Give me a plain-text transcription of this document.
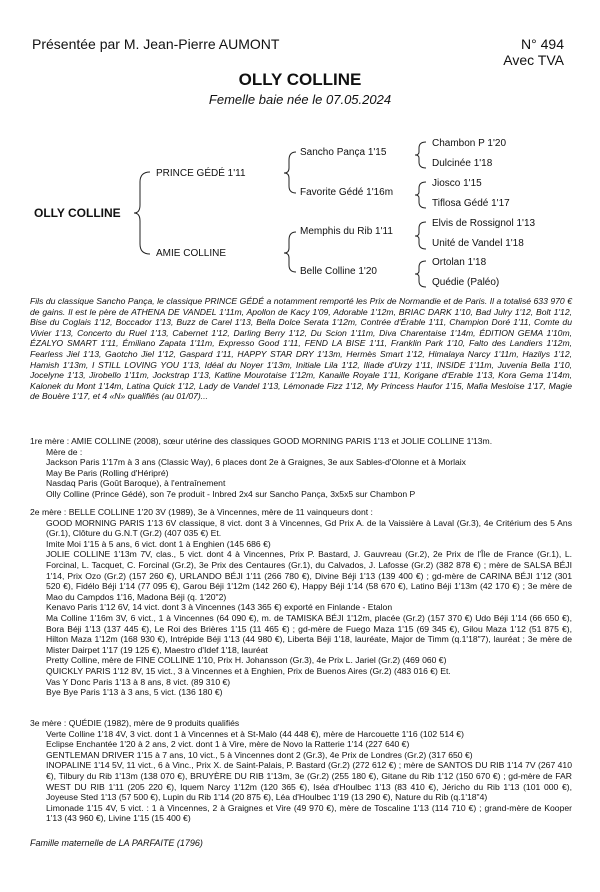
Présentée par M. Jean-Pierre AUMONT	N° 494
Avec TVA
OLLY COLLINE
Femelle baie née le 07.05.2024
OLLY COLLINE
PRINCE GÉDÉ 1'11
AMIE COLLINE
Sancho Pança 1'15
Favorite Gédé 1'16m
Memphis du Rib 1'11
Belle Colline 1'20
Chambon P 1'20
Dulcinée 1'18
Jiosco 1'15
Tiflosa Gédé 1'17
Elvis de Rossignol 1'13
Unité de Vandel 1'18
Ortolan 1'18
Quédie (Paléo)

Fils du classique Sancho Pança, le classique PRINCE GÉDÉ a notamment remporté les Prix de Normandie et de Paris. Il a totalisé 633 970 € de gains. Il est le père de ATHENA DE VANDEL 1'11m, Apollon de Kacy 1'09, Adorable 1'12m, BRIAC DARK 1'10, Bad Julry 1'12, Bolt 1'12, Bise du Coglais 1'12, Boccador 1'13, Buzz de Carel 1'13, Bella Dolce Serata 1'12m, Contrée d'Érable 1'11, Champion Doré 1'11, Comte du Vivier 1'13, Concerto du Ruel 1'13, Cabernet 1'12, Darling Berry 1'12, Du Scion 1'11m, Diva Charentaise 1'14m, ÉDITION GEMA 1'10m, ÉZALYO SMART 1'11, Émiliano Zapata 1'11m, Expresso Good 1'11, FEND LA BISE 1'11, Franklin Park 1'10, Falto des Landiers 1'12m, Fearless Jiel 1'13, Gaotcho Jiel 1'12, Gaspard 1'11, HAPPY STAR DRY 1'13m, Hermès Smart 1'12, Himalaya Narcy 1'11m, Hazilys 1'12, Hamish 1'13m, I STILL LOVING YOU 1'13, Idéal du Noyer 1'13m, Initiale Lila 1'12, Iliade d'Urzy 1'11, INSIDE 1'11m, Juvenia Bella 1'10, Jocelyne 1'13, Jirobello 1'11m, Jockstrap 1'13, Katline Mourotaise 1'12m, Kanaille Royale 1'11, Korigane d'Erable 1'13, Kora Gema 1'14m, Kalonek du Mont 1'14m, Latina Quick 1'12, Lady de Vandel 1'13, Lémonade Fizz 1'12, My Princess Haufor 1'15, Mafia Mesloise 1'17, Magie de Bouère 1'17, et 4 «N» qualifiés (au 01/07)...

1re mère : AMIE COLLINE (2008), sœur utérine des classiques GOOD MORNING PARIS 1'13 et JOLIE COLLINE 1'13m.

Mère de :

Jackson Paris 1'17m à 3 ans (Classic Way), 6 places dont 2e à Graignes, 3e aux Sables-d'Olonne et à Morlaix

May Be Paris (Rolling d'Héripré)

Nasdaq Paris (Goût Baroque), à l'entraînement

Olly Colline (Prince Gédé), son 7e produit - Inbred 2x4 sur Sancho Pança, 3x5x5 sur Chambon P

2e mère : BELLE COLLINE 1'20 3V (1989), 3e à Vincennes, mère de 11 vainqueurs dont :

GOOD MORNING PARIS 1'13 6V classique, 8 vict. dont 3 à Vincennes, Gd Prix A. de la Vaissière à Laval (Gr.3), 4e Critérium des 5 Ans (Gr.1), Clôture du G.N.T (Gr.2) (407 035 €) Et.

Imite Moi 1'15 à 5 ans, 6 vict. dont 1 à Enghien (145 686 €)

JOLIE COLLINE 1'13m 7V, clas., 5 vict. dont 4 à Vincennes, Prix P. Bastard, J. Gauvreau (Gr.2), 2e Prix de l'Île de France (Gr.1), L. Forcinal, L. Tacquet, C. Forcinal (Gr.2), 3e Prix des Centaures (Gr.1), du Calvados, J. Lafosse (Gr.2) (382 878 €) ; mère de SALSA BÉJI 1'14, Prix Ozo (Gr.2) (157 260 €), URLANDO BÉJI 1'11 (266 780 €), Divine Béji 1'13 (139 400 €) ; gd-mère de CARINA BÉJI 1'12 (301 520 €), Fidélo Béji 1'14 (77 095 €), Garou Béji 1'12m (142 260 €), Happy Béji 1'14 (58 670 €), Latino Béji 1'13m (42 170 €) ; 3e mère de Mao du Campdos 1'16, Madona Béji (q. 1'20"2)

Kenavo Paris 1'12 6V, 14 vict. dont 3 à Vincennes (143 365 €) exporté en Finlande - Etalon

Ma Colline 1'16m 3V, 6 vict., 1 à Vincennes (64 090 €), m. de TAMISKA BÉJI 1'12m, placée (Gr.2) (157 370 €) Udo Béji 1'14 (66 650 €), Bora Béji 1'13 (137 445 €), Le Roi des Brières 1'15 (11 465 €) ; gd-mère de Fuego Maza 1'15 (69 345 €), Gilou Maza 1'12 (51 875 €), Hilton Maza 1'12m (168 930 €), Intrépide Béji 1'13 (44 980 €), Liberta Béji 1'18, lauréate, Major de Timm (q.1'18"7), lauréat ; 3e mère de Mister Dairpet 1'17 (19 125 €), Maestro d'Idef 1'18, lauréat

Pretty Colline, mère de FINE COLLINE 1'10, Prix H. Johansson (Gr.3), 4e Prix L. Jariel (Gr.2) (469 060 €)

QUICKLY PARIS 1'12 8V, 15 vict., 3 à Vincennes et à Enghien, Prix de Buenos Aires (Gr.2) (483 016 €) Et.

Vas Y Donc Paris 1'13 à 8 ans, 8 vict. (89 310 €)

Bye Bye Paris 1'13 à 3 ans, 5 vict. (136 180 €)

3e mère : QUÉDIE (1982), mère de 9 produits qualifiés

Verte Colline 1'18 4V, 3 vict. dont 1 à Vincennes et à St-Malo (44 448 €), mère de Harcouette 1'16 (102 514 €)

Eclipse Enchantée 1'20 à 2 ans, 2 vict. dont 1 à Vire, mère de Novo la Ratterie 1'14 (227 640 €)

GENTLEMAN DRIVER 1'15 à 7 ans, 10 vict., 5 à Vincennes dont 2 (Gr.3), 4e Prix de Londres (Gr.2) (317 650 €)

INOPALINE 1'14 5V, 11 vict., 6 à Vinc., Prix X. de Saint-Palais, P. Bastard (Gr.2) (272 612 €) ; mère de SANTOS DU RIB 1'14 7V (267 410 €), Tilbury du Rib 1'13m (138 070 €), BRUYÈRE DU RIB 1'13m, 3e (Gr.2) (255 180 €), Gitane du Rib 1'12 (150 670 €) ; gd-mère de FAR WEST DU RIB 1'11 (205 220 €), Iquem Narcy 1'12m (120 365 €), Iséa d'Houlbec 1'13 (83 410 €), Jéricho du Rib 1'13 (101 000 €), Joyeuse Sted 1'13 (57 500 €), Lupin du Rib 1'14 (20 875 €), Léa d'Houlbec 1'19 (13 290 €), Nature du Rib (q.1'18"4)

Limonade 1'15 4V, 5 vict. : 1 à Vincennes, 2 à Graignes et Vire (49 970 €), mère de Toscaline 1'13 (114 710 €) ; grand-mère de Kooper 1'13 (43 960 €), Livine 1'15 (15 400 €)

Famille maternelle de LA PARFAITE (1796)
